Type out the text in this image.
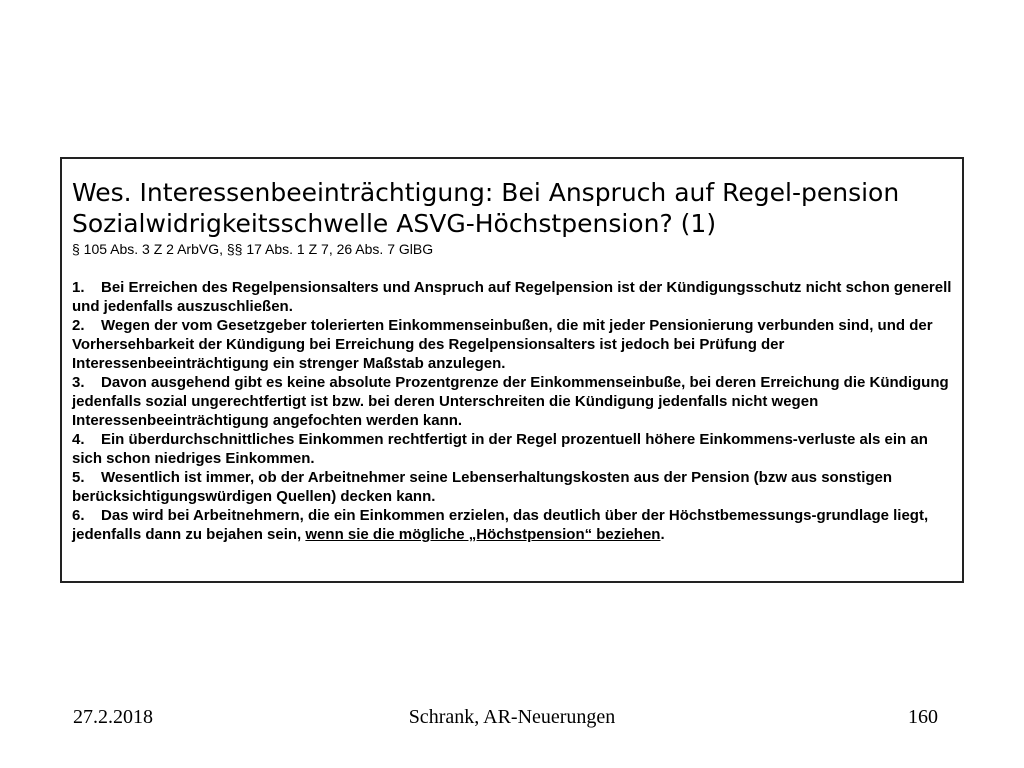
Wes. Interessenbeeinträchtigung: Bei Anspruch auf Regel-pension Sozialwidrigkeitsschwelle ASVG-Höchstpension? (1)

§ 105 Abs. 3 Z 2 ArbVG, §§ 17 Abs. 1 Z 7, 26 Abs. 7 GlBG

1. Bei Erreichen des Regelpensionsalters und Anspruch auf Regelpension ist der Kündigungsschutz nicht schon generell und jedenfalls auszuschließen.

2. Wegen der vom Gesetzgeber tolerierten Einkommenseinbußen, die mit jeder Pensionierung verbunden sind, und der Vorhersehbarkeit der Kündigung bei Erreichung des Regelpensionsalters ist jedoch bei Prüfung der Interessenbeeinträchtigung ein strenger Maßstab anzulegen.

3. Davon ausgehend gibt es keine absolute Prozentgrenze der Einkommenseinbuße, bei deren Erreichung die Kündigung jedenfalls sozial ungerechtfertigt ist bzw. bei deren Unterschreiten die Kündigung jedenfalls nicht wegen Interessenbeeinträchtigung angefochten werden kann.

4. Ein überdurchschnittliches Einkommen rechtfertigt in der Regel prozentuell höhere Einkommens-verluste als ein an sich schon niedriges Einkommen.

5. Wesentlich ist immer, ob der Arbeitnehmer seine Lebenserhaltungskosten aus der Pension (bzw aus sonstigen berücksichtigungswürdigen Quellen) decken kann.

6. Das wird bei Arbeitnehmern, die ein Einkommen erzielen, das deutlich über der Höchstbemessungs-grundlage liegt, jedenfalls dann zu bejahen sein, wenn sie die mögliche „Höchstpension“ beziehen.

27.2.2018	Schrank, AR-Neuerungen	160
